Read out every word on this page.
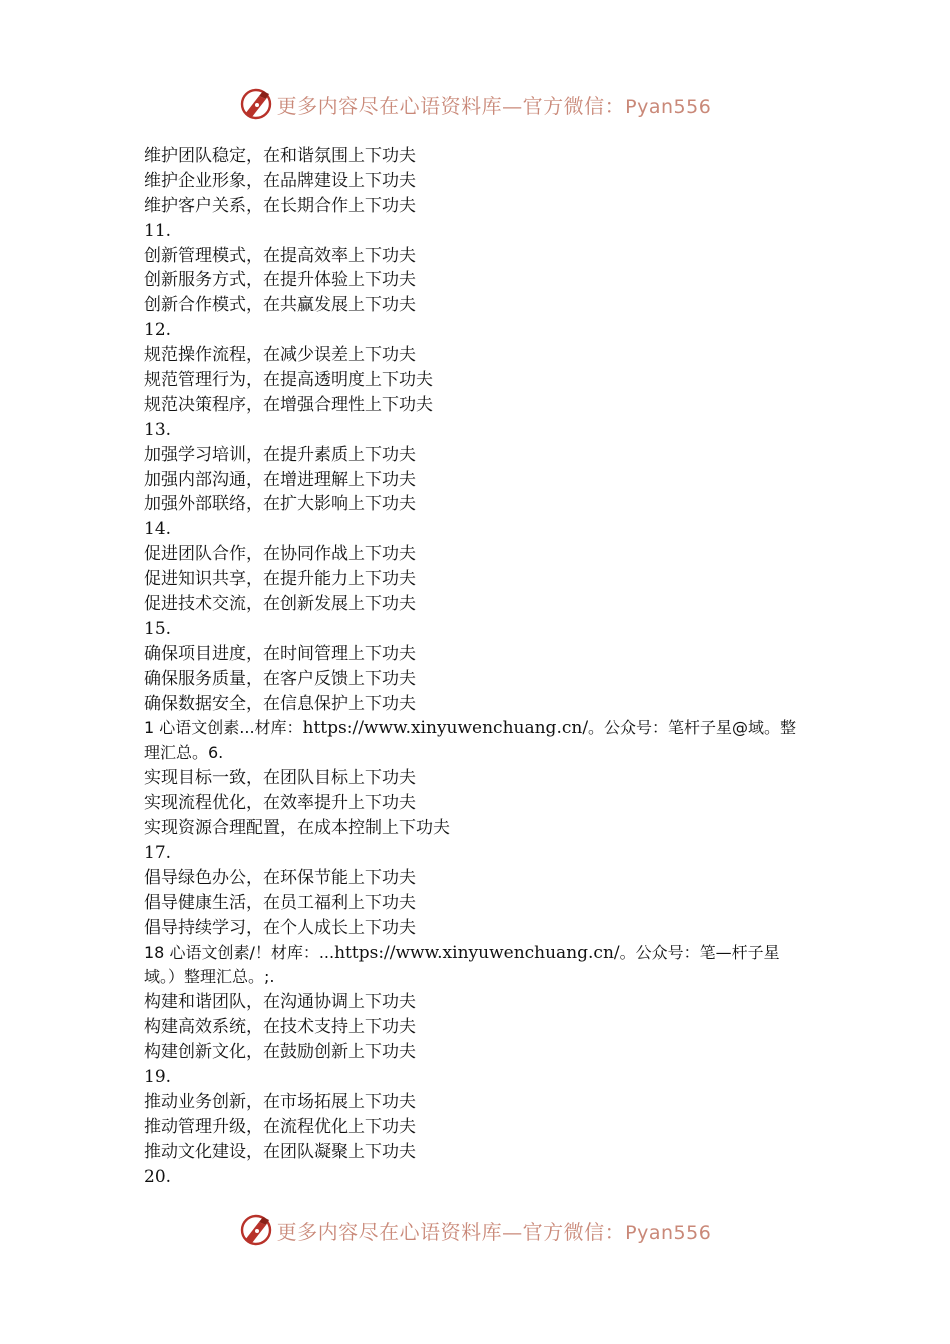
更多内容尽在心语资料库—官方微信：Pyan556
维护团队稳定，在和谐氛围上下功夫
维护企业形象，在品牌建设上下功夫
维护客户关系，在长期合作上下功夫
11.
创新管理模式，在提高效率上下功夫
创新服务方式，在提升体验上下功夫
创新合作模式，在共赢发展上下功夫
12.
规范操作流程，在减少误差上下功夫
规范管理行为，在提高透明度上下功夫
规范决策程序，在增强合理性上下功夫
13.
加强学习培训，在提升素质上下功夫
加强内部沟通，在增进理解上下功夫
加强外部联络，在扩大影响上下功夫
14.
促进团队合作，在协同作战上下功夫
促进知识共享，在提升能力上下功夫
促进技术交流，在创新发展上下功夫
15.
确保项目进度，在时间管理上下功夫
确保服务质量，在客户反馈上下功夫
确保数据安全，在信息保护上下功夫
1 心语文创素...材库：https://www.xinyuwenchuang.cn/。公众号：笔杆子星@域。整
理汇总。6.
实现目标一致，在团队目标上下功夫
实现流程优化，在效率提升上下功夫
实现资源合理配置，在成本控制上下功夫
17.
倡导绿色办公，在环保节能上下功夫
倡导健康生活，在员工福利上下功夫
倡导持续学习，在个人成长上下功夫
18 心语文创素/！材库：...https://www.xinyuwenchuang.cn/。公众号：笔—杆子星
域。）整理汇总。;.
构建和谐团队，在沟通协调上下功夫
构建高效系统，在技术支持上下功夫
构建创新文化，在鼓励创新上下功夫
19.
推动业务创新，在市场拓展上下功夫
推动管理升级，在流程优化上下功夫
推动文化建设，在团队凝聚上下功夫
20.
更多内容尽在心语资料库—官方微信：Pyan556
